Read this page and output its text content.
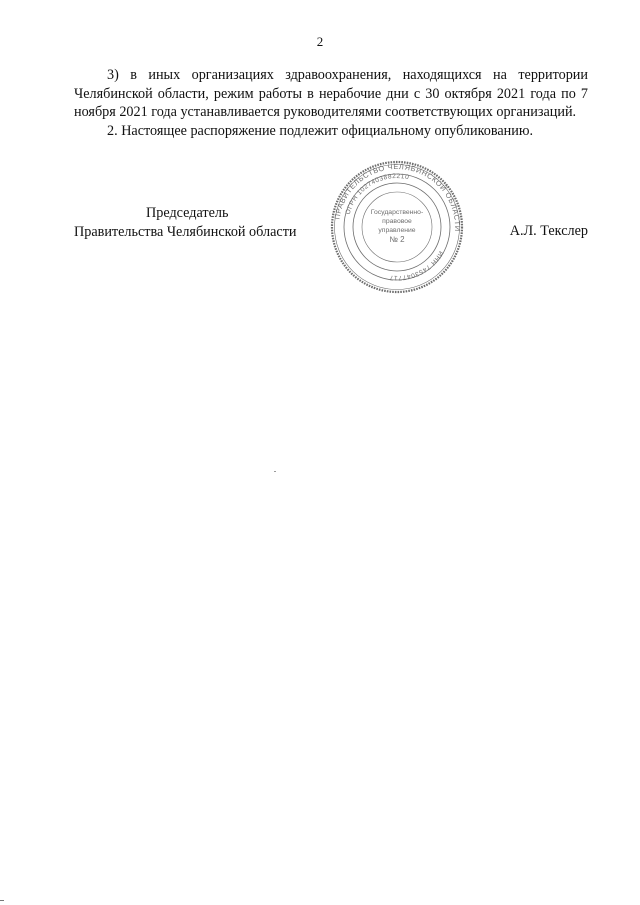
2

3) в иных организациях здравоохранения, находящихся на территории Челябинской области, режим работы в нерабочие дни с 30 октября 2021 года по 7 ноября 2021 года устанавливается руководителями соответствующих организаций.

2. Настоящее распоряжение подлежит официальному опубликованию.

Председатель
Правительства Челябинской области	А.Л. Текслер
ПРАВИТЕЛЬСТВО ЧЕЛЯБИНСКОЙ ОБЛАСТИ
ОГРН 1027403882210
ИНН 7453047717
Государственно-
правовое
управление
№ 2
